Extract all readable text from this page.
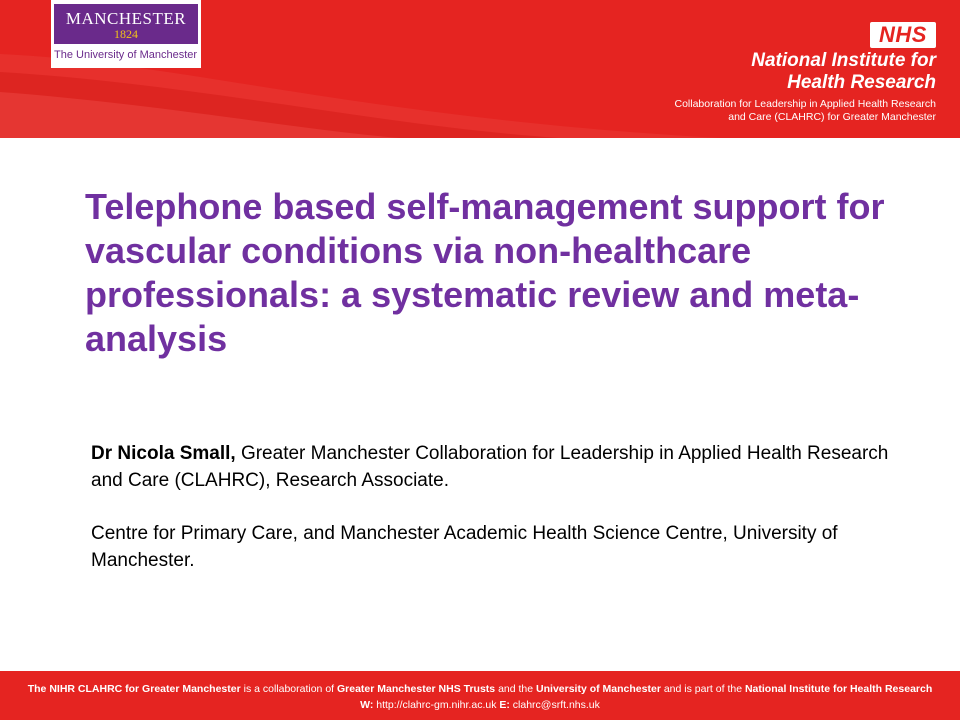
MANCHESTER
1824
The University of Manchester
NHS
National Institute for
Health Research
Collaboration for Leadership in Applied Health Research
and Care (CLAHRC) for Greater Manchester
Telephone based self-management support for vascular conditions via non-healthcare professionals: a systematic review and meta-analysis

Dr Nicola Small, Greater Manchester Collaboration for Leadership in Applied Health Research and Care (CLAHRC), Research Associate.

Centre for Primary Care, and Manchester Academic Health Science Centre, University of Manchester.

The NIHR CLAHRC for Greater Manchester is a collaboration of Greater Manchester NHS Trusts and the University of Manchester and is part of the National Institute for Health Research
W: http://clahrc-gm.nihr.ac.uk E: clahrc@srft.nhs.uk
